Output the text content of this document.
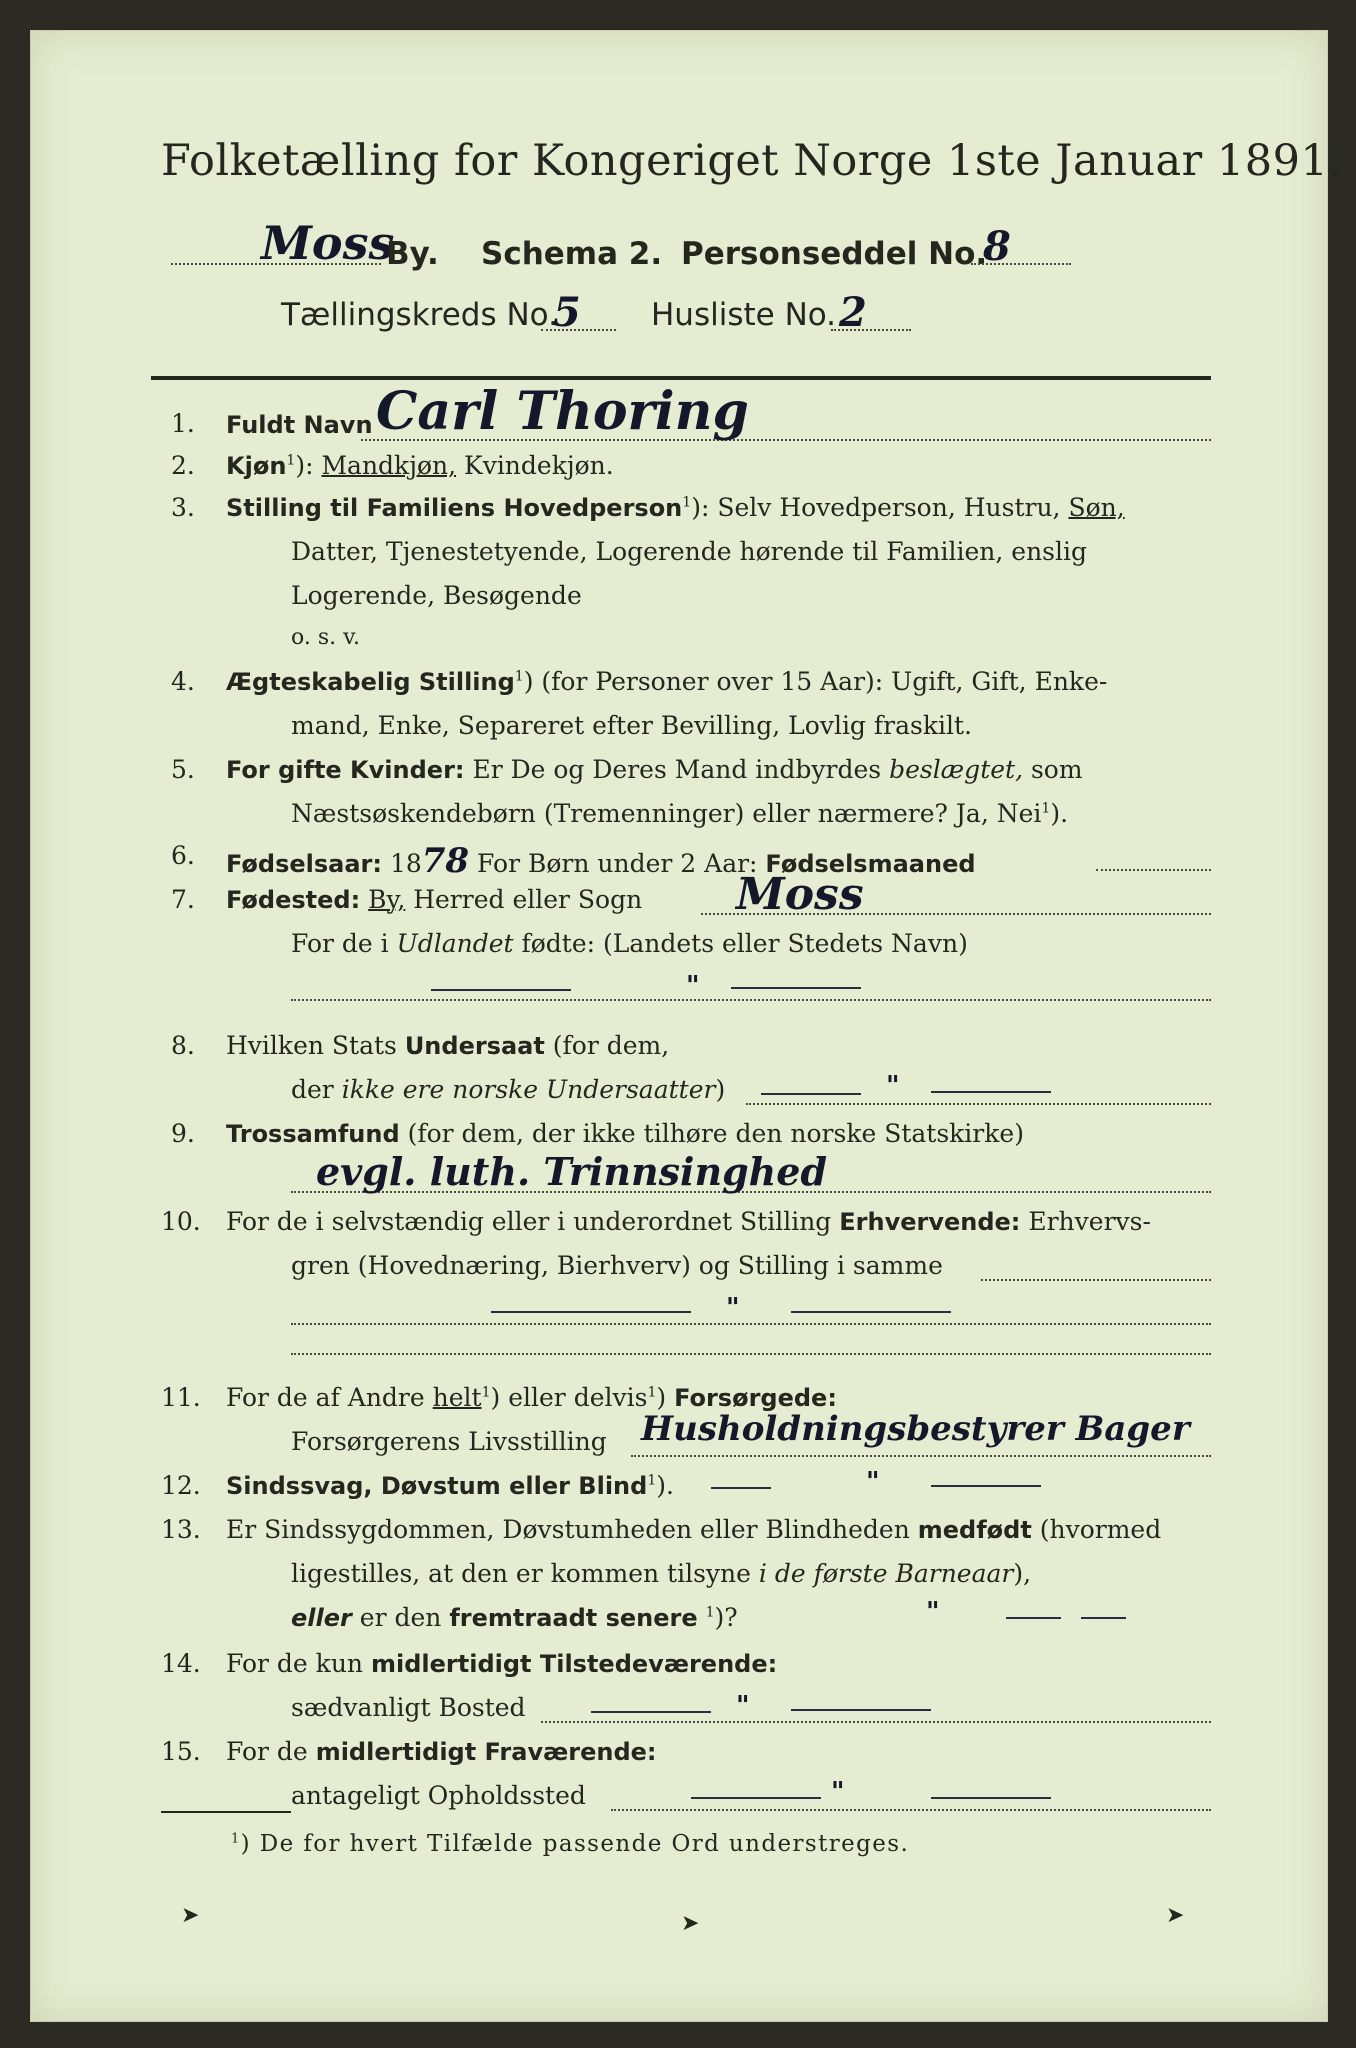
Folketælling for Kongeriget Norge 1ste Januar 1891.
Moss
By. Schema 2. Personseddel No.
8
Tællingskreds No.
5 Husliste No. 2
1. Fuldt Navn Carl Thoring
2. Kjøn$^1$): Mandkjøn, Kvindekjøn.
3. Stilling til Familiens Hovedperson$^1$): Selv Hovedperson, Hustru, Søn,
Datter, Tjenestetyende, Logerende hørende til Familien, enslig
Logerende, Besøgende
o. s. v.
4. Ægteskabelig Stilling$^1$) (for Personer over 15 Aar): Ugift, Gift, Enke-
mand, Enke, Separeret efter Bevilling, Lovlig fraskilt.
5. For gifte Kvinder: Er De og Deres Mand indbyrdes beslægtet, som
Næstsøskendebørn (Tremenninger) eller nærmere? Ja, Nei$^1$).
6. Fødselsaar: 1878 For Børn under 2 Aar: Fødselsmaaned
7. Fødested: By, Herred eller Sogn Moss
For de i Udlandet fødte: (Landets eller Stedets Navn)
"
8. Hvilken Stats Undersaat (for dem,
der ikke ere norske Undersaatter)	"
9. Trossamfund (for dem, der ikke tilhøre den norske Statskirke)
evgl. luth. Trinnsinghed
10. For de i selvstændig eller i underordnet Stilling Erhvervende: Erhvervs-
gren (Hovednæring, Bierhverv) og Stilling i samme
"
11. For de af Andre helt$^1$) eller delvis$^1$) Forsørgede:
Forsørgerens Livsstilling Husholdningsbestyrer Bager
12. Sindssvag, Døvstum eller Blind$^1$).	"
13. Er Sindssygdommen, Døvstumheden eller Blindheden medfødt (hvormed
ligestilles, at den er kommen tilsyne i de første Barneaar),
eller er den fremtraadt senere $^1$)?	"
14. For de kun midlertidigt Tilstedeværende:
sædvanligt Bosted	"
15. For de midlertidigt Fraværende:
antageligt Opholdssted	"
$^1$) De for hvert Tilfælde passende Ord understreges.
➤	➤	➤
